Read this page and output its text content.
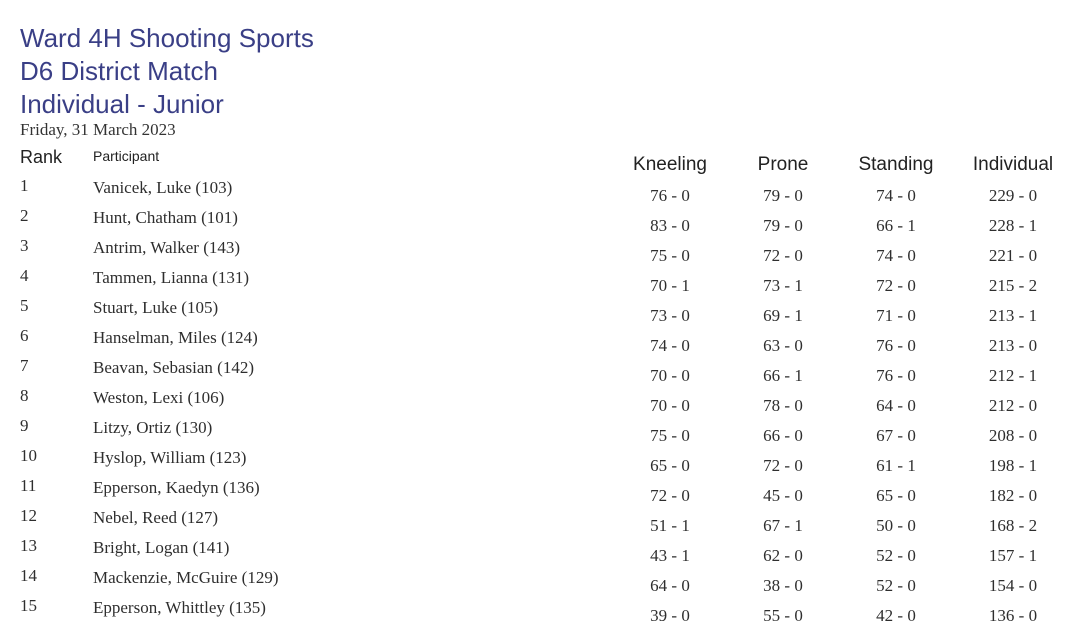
Ward 4H Shooting Sports
D6 District Match
Individual - Junior
Friday, 31 March 2023
Rank Participant	Kneeling	Prone	Standing	Individual
1	Vanicek, Luke (103)	76 - 0	79 - 0	74 - 0	229 - 0
2	Hunt, Chatham (101)	83 - 0	79 - 0	66 - 1	228 - 1
3	Antrim, Walker (143)	75 - 0	72 - 0	74 - 0	221 - 0
4	Tammen, Lianna (131)	70 - 1	73 - 1	72 - 0	215 - 2
5	Stuart, Luke (105)	73 - 0	69 - 1	71 - 0	213 - 1
6	Hanselman, Miles (124)	74 - 0	63 - 0	76 - 0	213 - 0
7	Beavan, Sebasian (142)	70 - 0	66 - 1	76 - 0	212 - 1
8	Weston, Lexi (106)	70 - 0	78 - 0	64 - 0	212 - 0
9	Litzy, Ortiz (130)	75 - 0	66 - 0	67 - 0	208 - 0
10	Hyslop, William (123)	65 - 0	72 - 0	61 - 1	198 - 1
11	Epperson, Kaedyn (136)	72 - 0	45 - 0	65 - 0	182 - 0
12	Nebel, Reed (127)	51 - 1	67 - 1	50 - 0	168 - 2
13	Bright, Logan (141)	43 - 1	62 - 0	52 - 0	157 - 1
14	Mackenzie, McGuire (129)	64 - 0	38 - 0	52 - 0	154 - 0
15	Epperson, Whittley (135)	39 - 0	55 - 0	42 - 0	136 - 0
